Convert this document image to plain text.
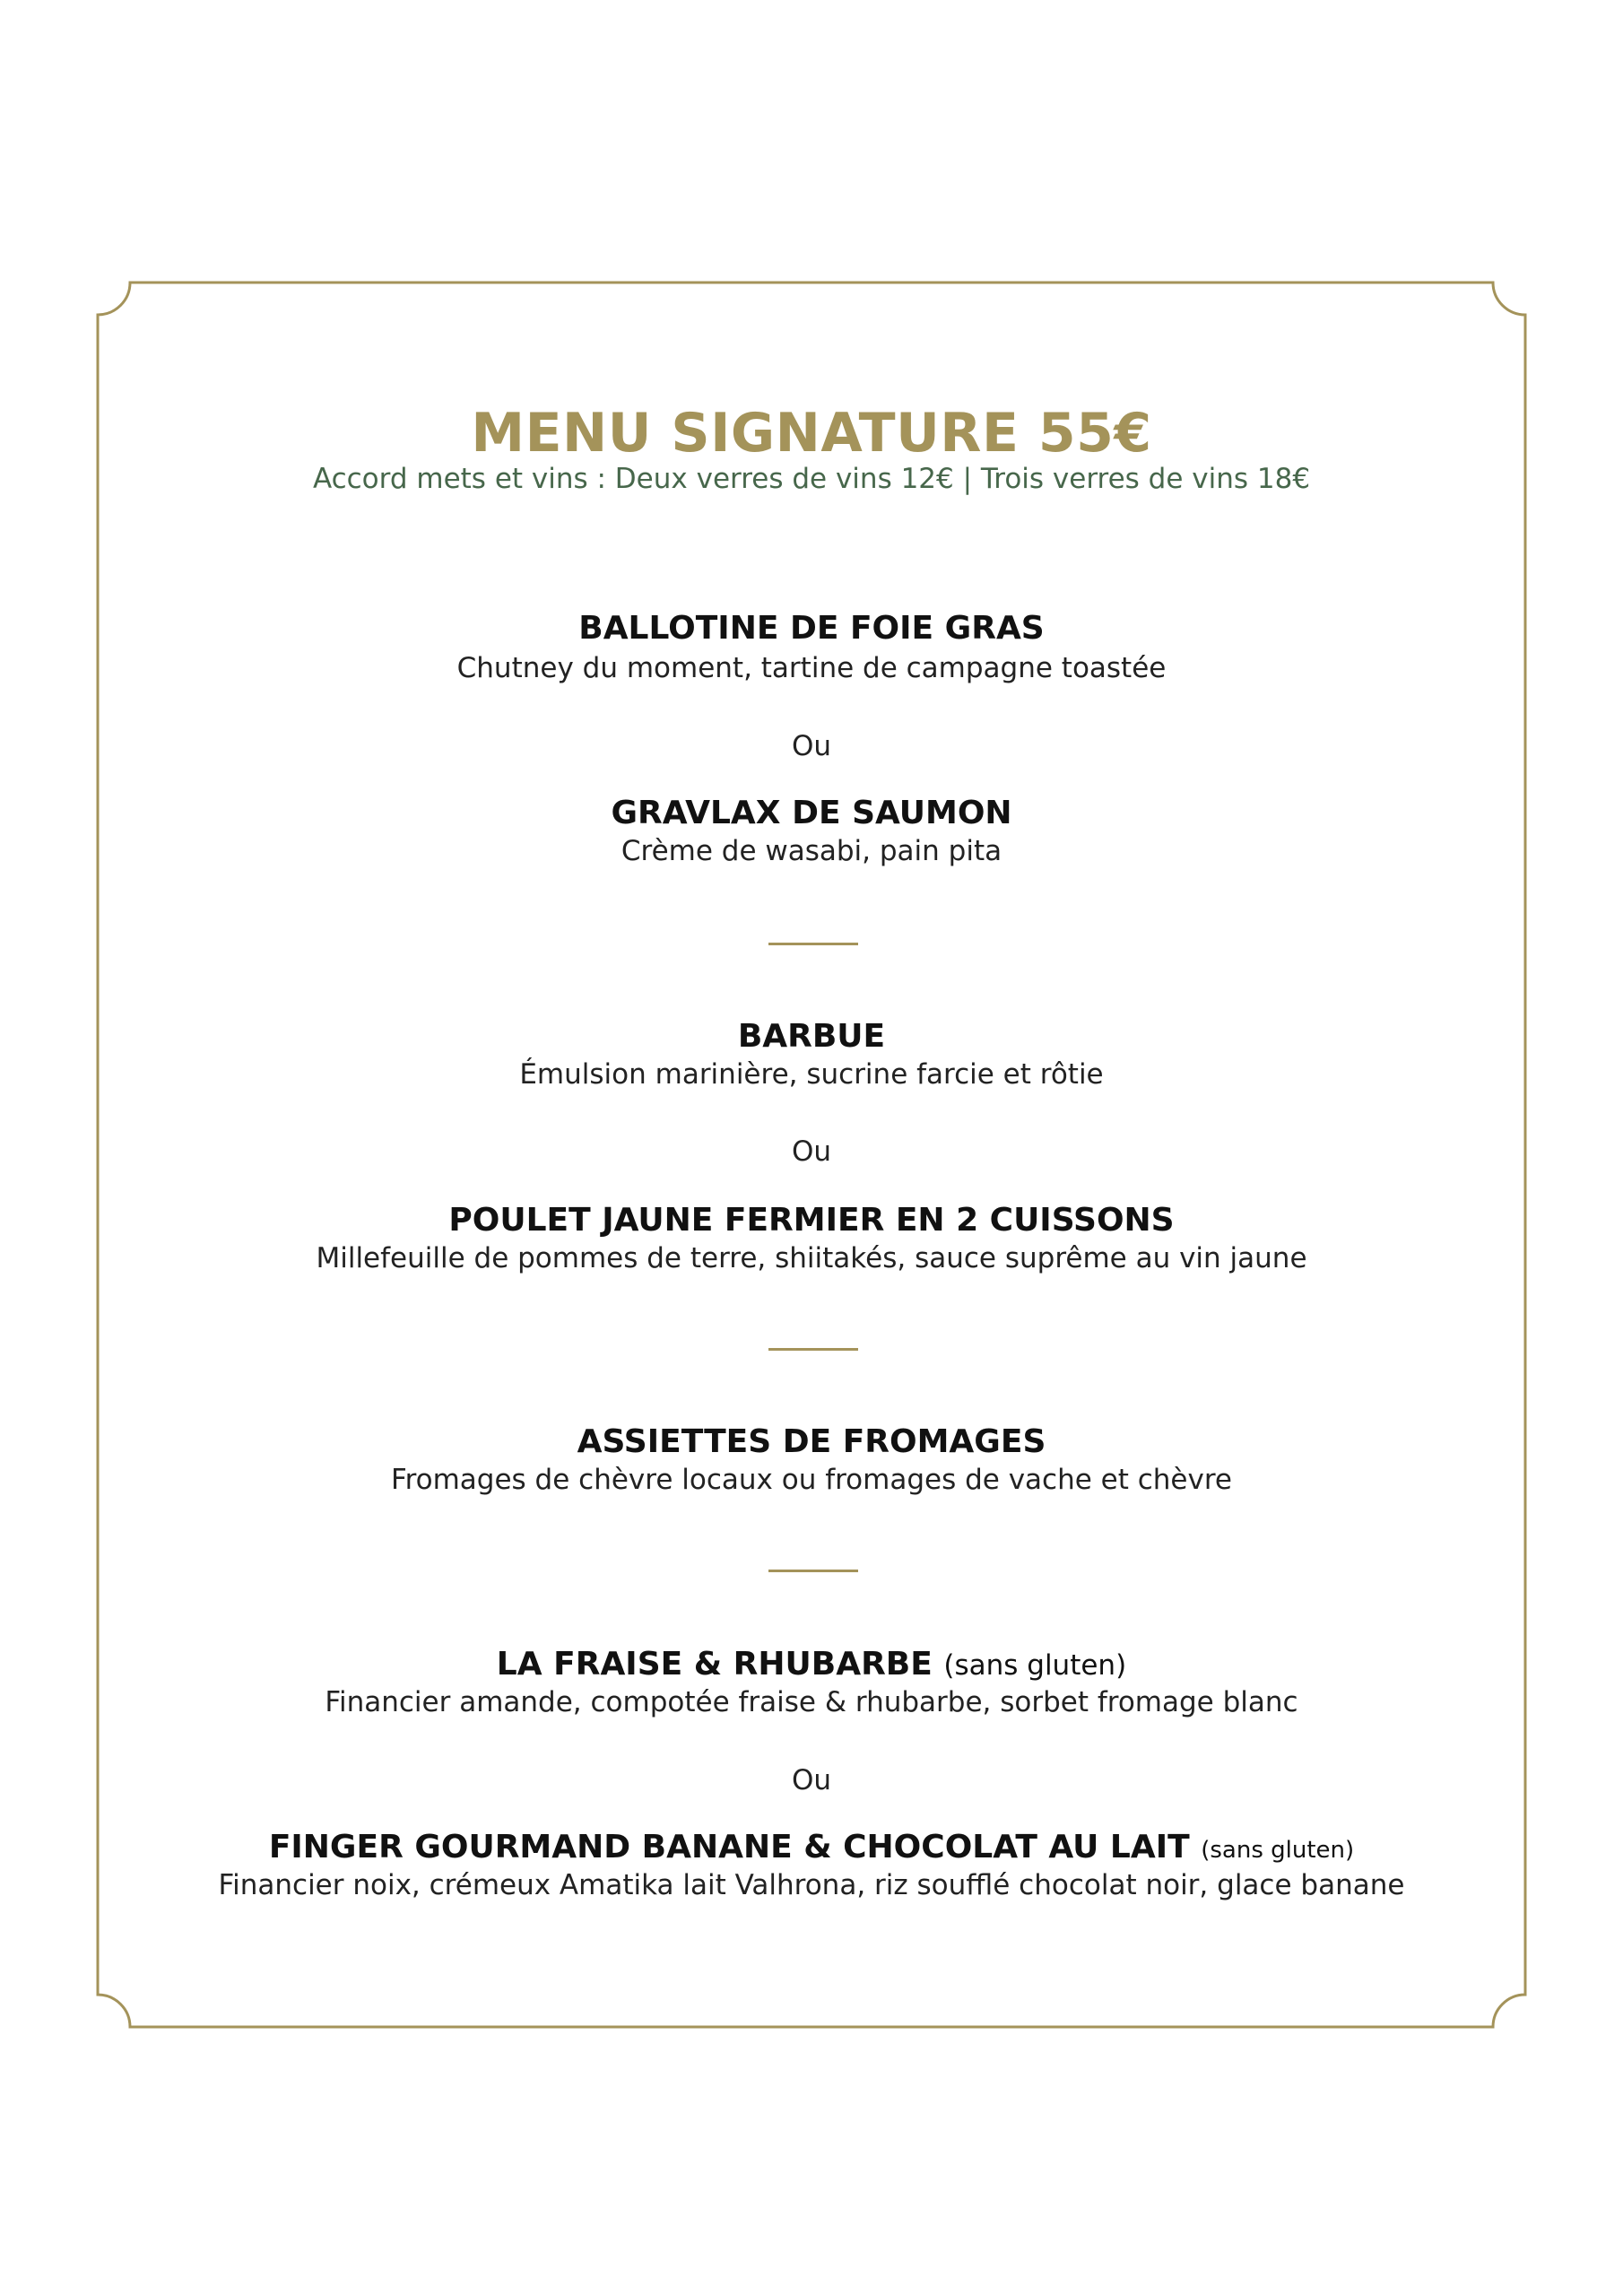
MENU SIGNATURE 55€
Accord mets et vins : Deux verres de vins 12€ | Trois verres de vins 18€
BALLOTINE DE FOIE GRAS
Chutney du moment, tartine de campagne toastée
Ou
GRAVLAX DE SAUMON
Crème de wasabi, pain pita
BARBUE
Émulsion marinière, sucrine farcie et rôtie
Ou
POULET JAUNE FERMIER EN 2 CUISSONS
Millefeuille de pommes de terre, shiitakés, sauce suprême au vin jaune
ASSIETTES DE FROMAGES
Fromages de chèvre locaux ou fromages de vache et chèvre
LA FRAISE & RHUBARBE (sans gluten)
Financier amande, compotée fraise & rhubarbe, sorbet fromage blanc
Ou
FINGER GOURMAND BANANE & CHOCOLAT AU LAIT (sans gluten)
Financier noix, crémeux Amatika lait Valhrona, riz soufflé chocolat noir, glace banane
